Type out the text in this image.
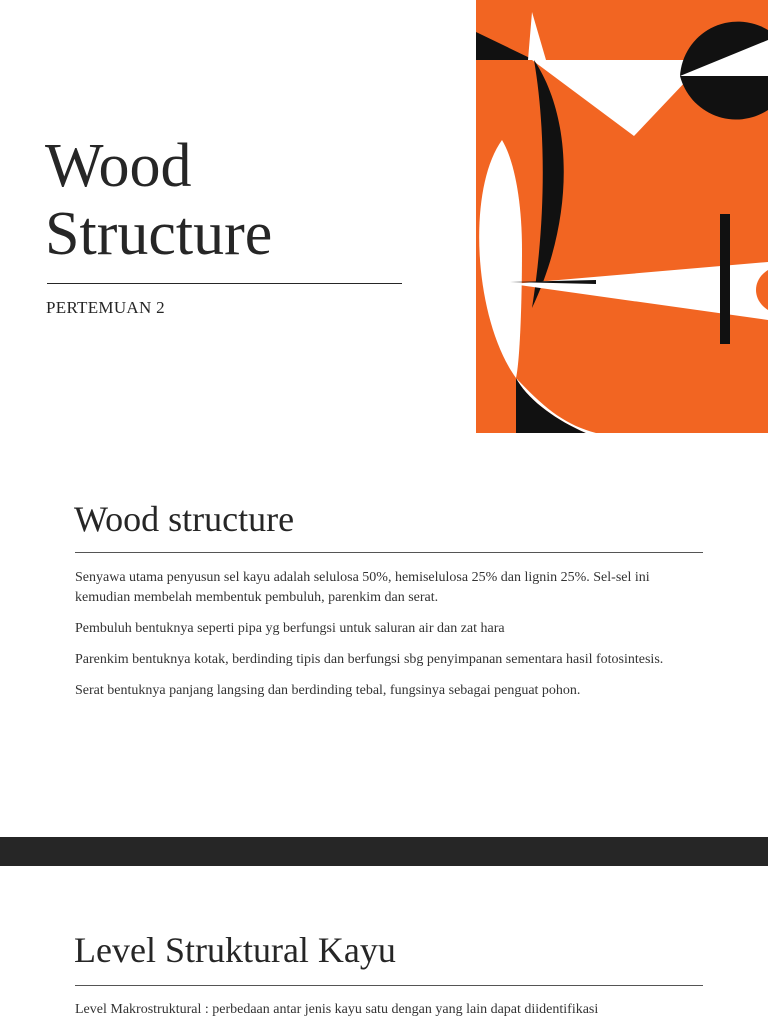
Wood
Structure
PERTEMUAN 2
Wood structure

Senyawa utama penyusun sel kayu adalah selulosa 50%, hemiselulosa 25% dan lignin 25%. Sel-sel ini kemudian membelah membentuk pembuluh, parenkim dan serat.

Pembuluh bentuknya seperti pipa yg berfungsi untuk saluran air dan zat hara

Parenkim bentuknya kotak, berdinding tipis dan berfungsi sbg penyimpanan sementara hasil fotosintesis.

Serat bentuknya panjang langsing dan berdinding tebal, fungsinya sebagai penguat pohon.

Level Struktural Kayu

Level Makrostruktural : perbedaan antar jenis kayu satu dengan yang lain dapat diidentifikasi
